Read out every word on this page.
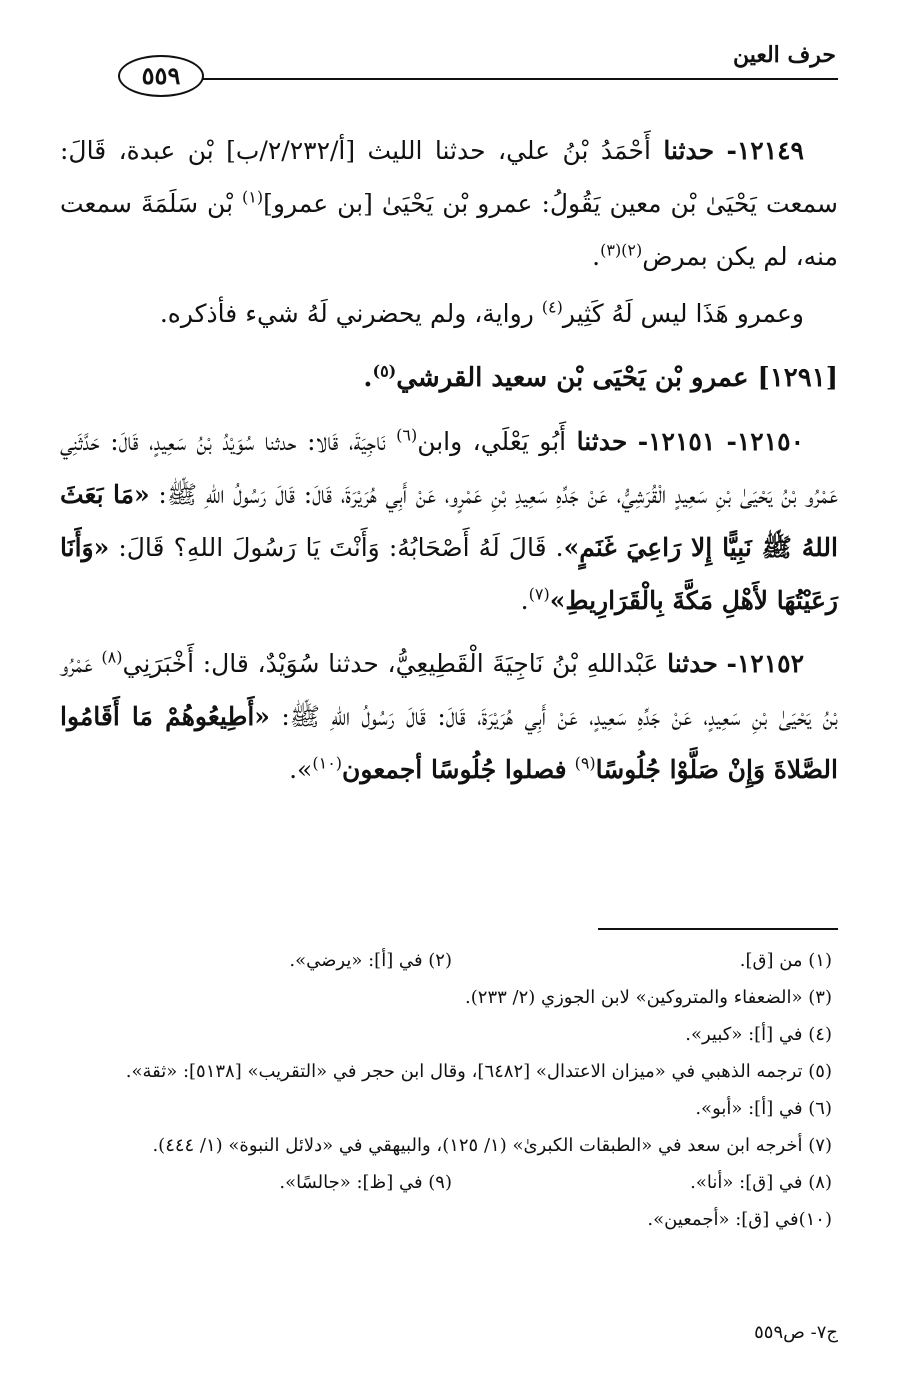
حرف العين
٥٥٩

١٢١٤٩- حدثنا أَحْمَدُ بْنُ علي، حدثنا الليث [أ/٢/٢٣٢/ب] بْن عبدة، قَالَ: سمعت يَحْيَىٰ بْن معين يَقُولُ: عمرو بْن يَحْيَىٰ [بن عمرو]$^{(١)}$ بْن سَلَمَةَ سمعت منه، لم يكن بمرض$^{(٢)(٣)}$.

وعمرو هَذَا ليس لَهُ كَثِير$^{(٤)}$ رواية، ولم يحضرني لَهُ شيء فأذكره.

[١٢٩١] عمرو بْن يَحْيَى بْن سعيد القرشي$^{(٥)}$.

١٢١٥٠- ١٢١٥١- حدثنا أَبُو يَعْلَي، وابن$^{(٦)}$ نَاجِيَةَ، قَالا: حدثنا سُوَيْدُ بْنُ سَعِيدٍ، قَالَ: حَدَّثَنِي عَمْرُو بْنُ يَحْيَىٰ بْنِ سَعِيدٍ الْقُرَشِيُّ، عَنْ جَدِّهِ سَعِيدِ بْنِ عَمْرٍو، عَنْ أَبِي هُرَيْرَةَ، قَالَ: قَالَ رَسُولُ اللهِ ﷺ: «مَا بَعَثَ اللهُ ﷺ نَبِيًّا إِلا رَاعِيَ غَنَمٍ». قَالَ لَهُ أَصْحَابُهُ: وَأَنْتَ يَا رَسُولَ اللهِ؟ قَالَ: «وَأَنَا رَعَيْتُهَا لأَهْلِ مَكَّةَ بِالْقَرَارِيطِ»$^{(٧)}$.

١٢١٥٢- حدثنا عَبْداللهِ بْنُ نَاجِيَةَ الْقَطِيعِيُّ، حدثنا سُوَيْدٌ، قال: أَخْبَرَنِي$^{(٨)}$ عَمْرُو بْنُ يَحْيَىٰ بْنِ سَعِيدٍ، عَنْ جَدِّهِ سَعِيدٍ، عَنْ أَبِي هُرَيْرَةَ، قَالَ: قَالَ رَسُولُ اللهِ ﷺ: «أَطِيعُوهُمْ مَا أَقَامُوا الصَّلاةَ وَإِنْ صَلَّوْا جُلُوسًا$^{(٩)}$ فصلوا جُلُوسًا أجمعون$^{(١٠)}$».

(١) من [ق].
(٢) في [أ]: «يرضي».
(٣) «الضعفاء والمتروكين» لابن الجوزي (٢/ ٢٣٣).
(٤) في [أ]: «كبير».
(٥) ترجمه الذهبي في «ميزان الاعتدال» [٦٤٨٢]، وقال ابن حجر في «التقريب» [٥١٣٨]: «ثقة».
(٦) في [أ]: «أبو».
(٧) أخرجه ابن سعد في «الطبقات الكبرىٰ» (١/ ١٢٥)، والبيهقي في «دلائل النبوة» (١/ ٤٤٤).
(٨) في [ق]: «أنا».
(٩) في [ظ]: «جالسًا».
(١٠)في [ق]: «أجمعين».
ج٧- ص٥٥٩
